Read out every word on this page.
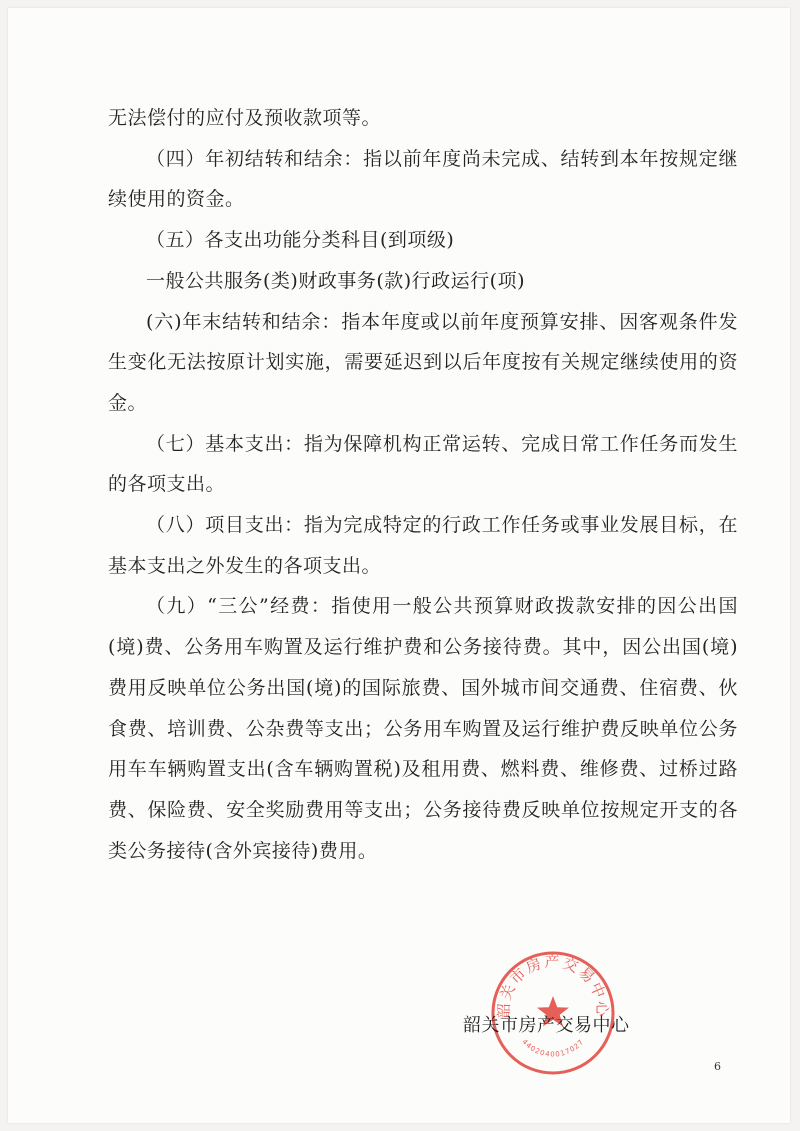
无法偿付的应付及预收款项等。

（四）年初结转和结余：指以前年度尚未完成、结转到本年按规定继续使用的资金。

（五）各支出功能分类科目(到项级)

一般公共服务(类)财政事务(款)行政运行(项)

(六)年末结转和结余：指本年度或以前年度预算安排、因客观条件发生变化无法按原计划实施，需要延迟到以后年度按有关规定继续使用的资金。

（七）基本支出：指为保障机构正常运转、完成日常工作任务而发生的各项支出。

（八）项目支出：指为完成特定的行政工作任务或事业发展目标，在基本支出之外发生的各项支出。

（九）“三公”经费：指使用一般公共预算财政拨款安排的因公出国(境)费、公务用车购置及运行维护费和公务接待费。其中，因公出国(境)费用反映单位公务出国(境)的国际旅费、国外城市间交通费、住宿费、伙食费、培训费、公杂费等支出；公务用车购置及运行维护费反映单位公务用车车辆购置支出(含车辆购置税)及租用费、燃料费、维修费、过桥过路费、保险费、安全奖励费用等支出；公务接待费反映单位按规定开支的各类公务接待(含外宾接待)费用。

韶关市房产交易中心
4402040017027
韶关市房产交易中心
6
